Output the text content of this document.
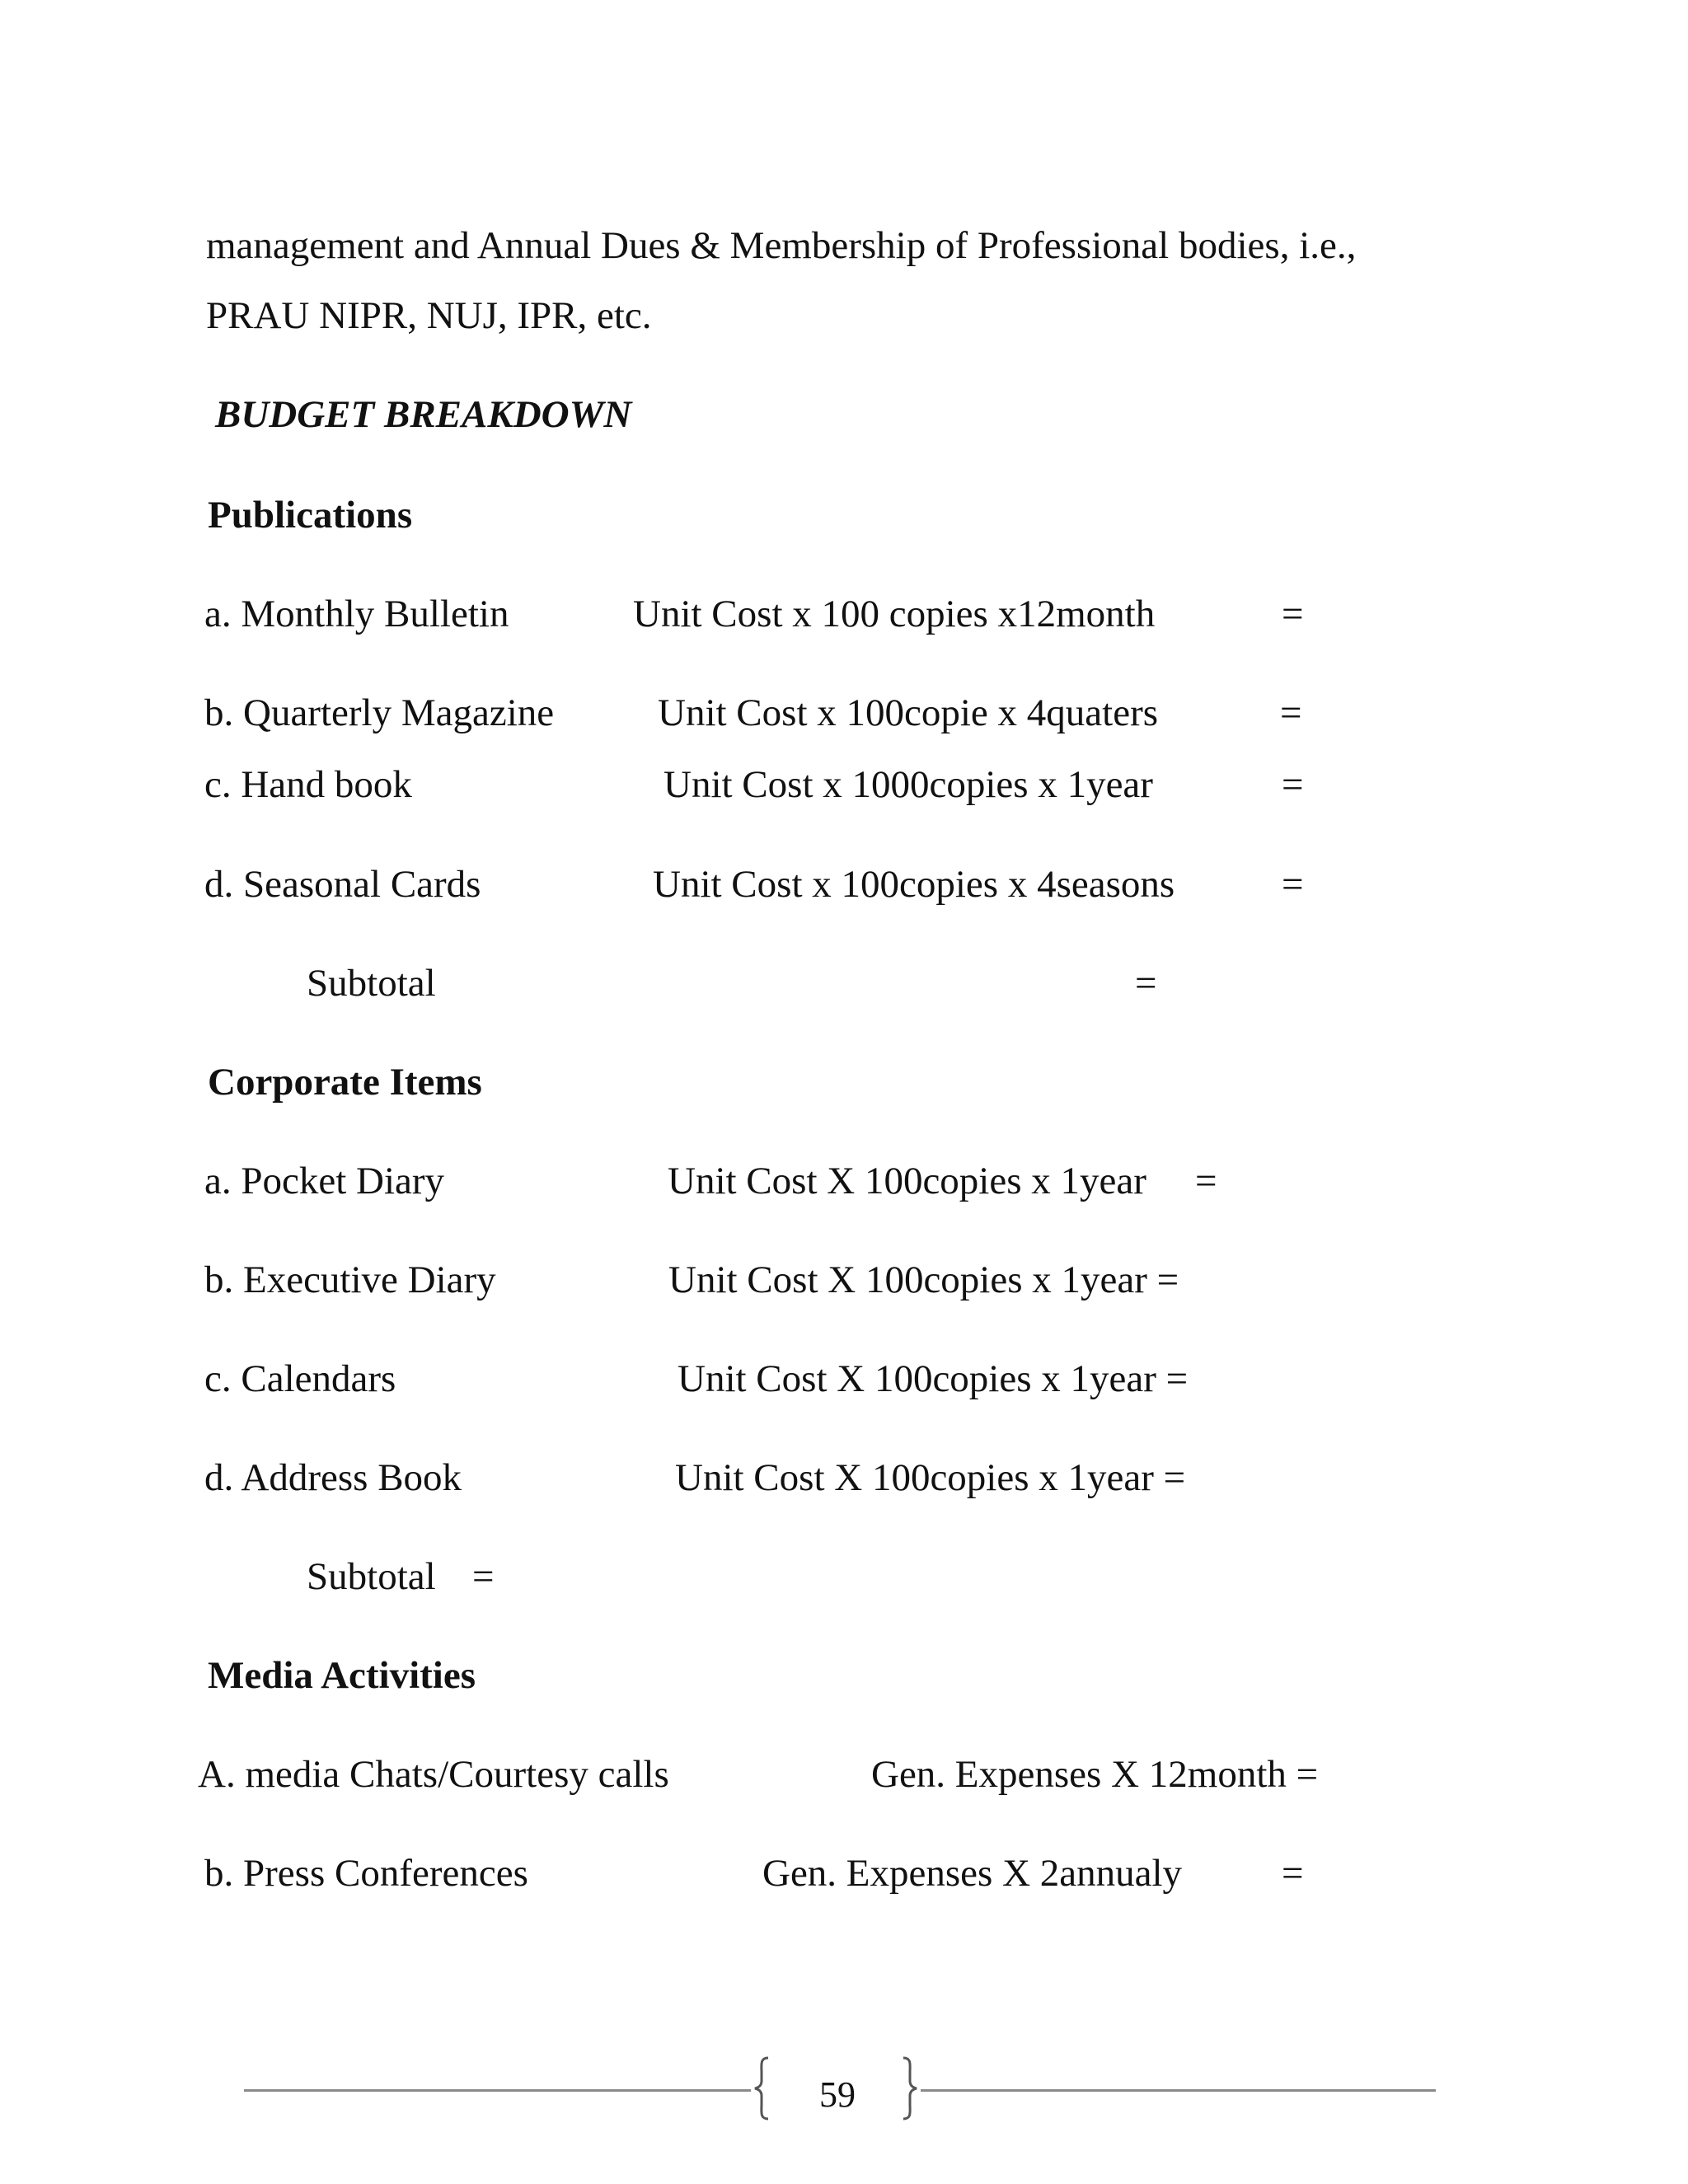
management and Annual Dues & Membership of Professional bodies, i.e.,
PRAU NIPR, NUJ, IPR, etc.
BUDGET BREAKDOWN
Publications
a. Monthly Bulletin	Unit Cost x 100 copies x12month	=
b. Quarterly Magazine	Unit Cost x 100copie x 4quaters	=
c. Hand book	Unit Cost x 1000copies x 1year	=
d. Seasonal Cards	Unit Cost x 100copies x 4seasons	=
Subtotal	=
Corporate Items
a. Pocket Diary	Unit Cost X 100copies x 1year =
b. Executive Diary	Unit Cost X 100copies x 1year =
c. Calendars	Unit Cost X 100copies x 1year =
d. Address Book	Unit Cost X 100copies x 1year =
Subtotal =
Media Activities
A. media Chats/Courtesy calls	Gen. Expenses X 12month =
b. Press Conferences	Gen. Expenses X 2annualy	=
59
